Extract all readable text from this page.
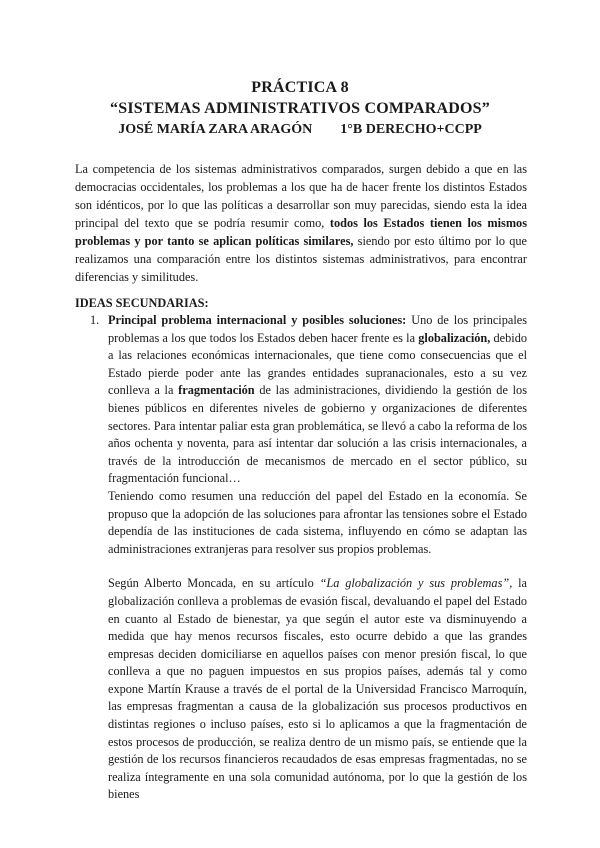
PRÁCTICA 8
“SISTEMAS ADMINISTRATIVOS COMPARADOS”
JOSÉ MARÍA ZARA ARAGÓN 1°B DERECHO+CCPP
La competencia de los sistemas administrativos comparados, surgen debido a que en las democracias occidentales, los problemas a los que ha de hacer frente los distintos Estados son idénticos, por lo que las políticas a desarrollar son muy parecidas, siendo esta la idea principal del texto que se podría resumir como, todos los Estados tienen los mismos problemas y por tanto se aplican políticas similares, siendo por esto último por lo que realizamos una comparación entre los distintos sistemas administrativos, para encontrar diferencias y similitudes.
IDEAS SECUNDARIAS:
1. Principal problema internacional y posibles soluciones: Uno de los principales problemas a los que todos los Estados deben hacer frente es la globalización, debido a las relaciones económicas internacionales, que tiene como consecuencias que el Estado pierde poder ante las grandes entidades supranacionales, esto a su vez conlleva a la fragmentación de las administraciones, dividiendo la gestión de los bienes públicos en diferentes niveles de gobierno y organizaciones de diferentes sectores. Para intentar paliar esta gran problemática, se llevó a cabo la reforma de los años ochenta y noventa, para así intentar dar solución a las crisis internacionales, a través de la introducción de mecanismos de mercado en el sector público, su fragmentación funcional…

Teniendo como resumen una reducción del papel del Estado en la economía. Se propuso que la adopción de las soluciones para afrontar las tensiones sobre el Estado dependía de las instituciones de cada sistema, influyendo en cómo se adaptan las administraciones extranjeras para resolver sus propios problemas.

Según Alberto Moncada, en su artículo “La globalización y sus problemas”, la globalización conlleva a problemas de evasión fiscal, devaluando el papel del Estado en cuanto al Estado de bienestar, ya que según el autor este va disminuyendo a medida que hay menos recursos fiscales, esto ocurre debido a que las grandes empresas deciden domiciliarse en aquellos países con menor presión fiscal, lo que conlleva a que no paguen impuestos en sus propios países, además tal y como expone Martín Krause a través de el portal de la Universidad Francisco Marroquín, las empresas fragmentan a causa de la globalización sus procesos productivos en distintas regiones o incluso países, esto si lo aplicamos a que la fragmentación de estos procesos de producción, se realiza dentro de un mismo país, se entiende que la gestión de los recursos financieros recaudados de esas empresas fragmentadas, no se realiza íntegramente en una sola comunidad autónoma, por lo que la gestión de los bienes
